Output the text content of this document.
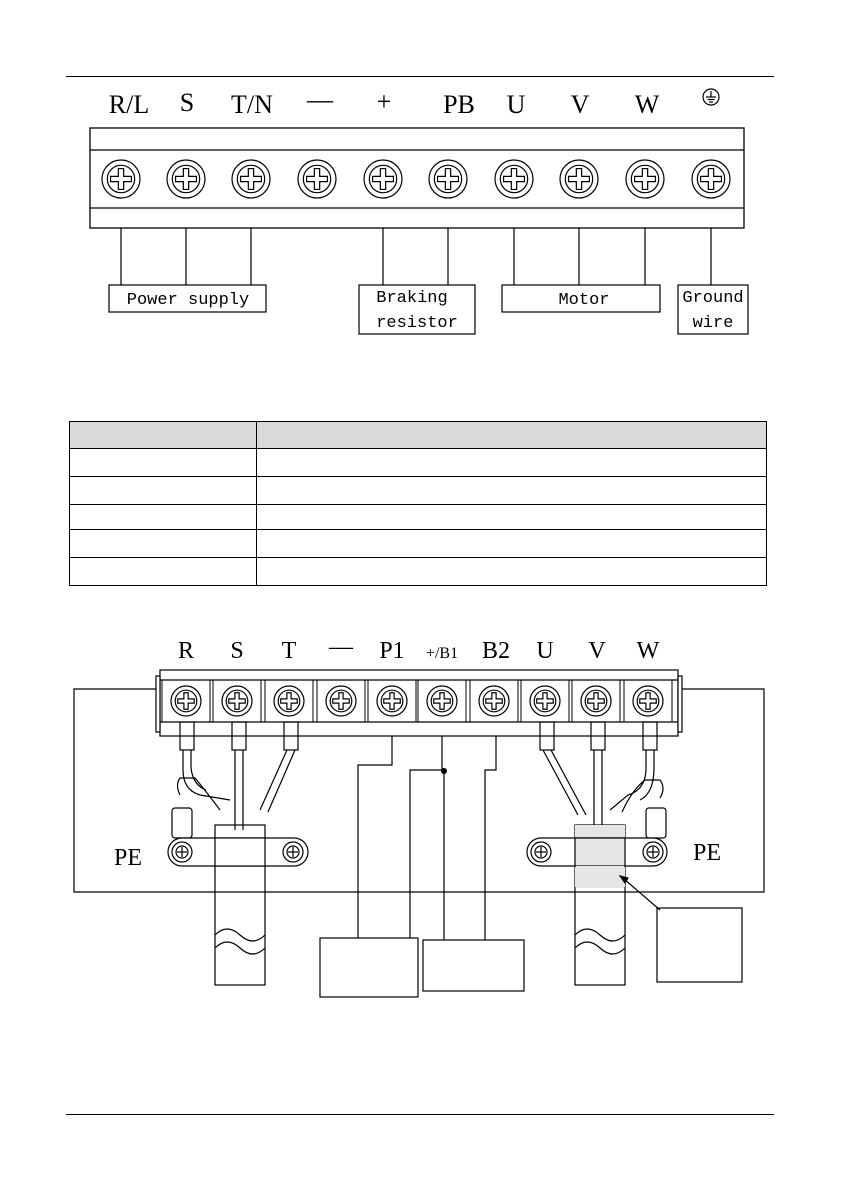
R/L S T/N — + PB U V W
Power supply	Braking
resistor
Motor	Ground
wire

R S T — P1 +/B1 B2 U V W
PE	PE
